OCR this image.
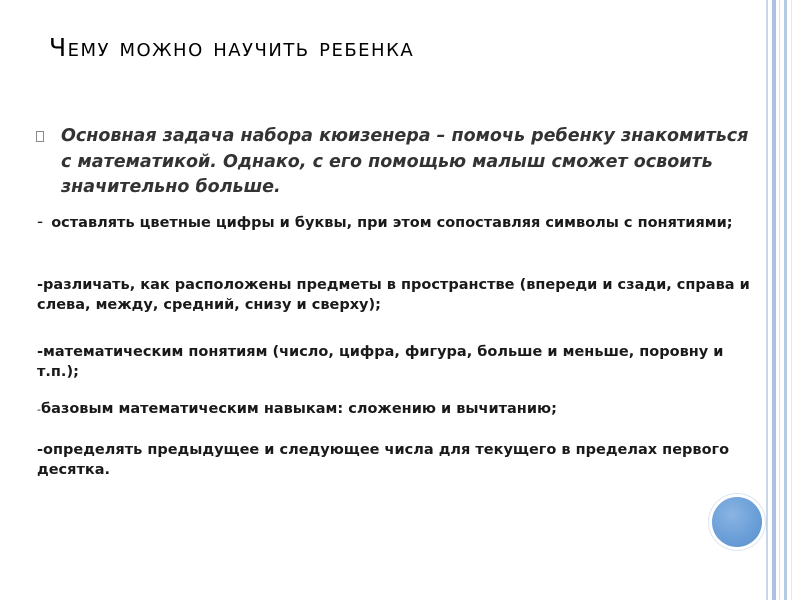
Чему можно научить ребенка

Основная задача набора кюизенера – помочь ребенку знакомиться с математикой. Однако, с его помощью малыш сможет освоить значительно больше.

- оставлять цветные цифры и буквы, при этом сопоставляя символы с понятиями;

-различать, как расположены предметы в пространстве (впереди и сзади, справа и слева, между, средний, снизу и сверху);

-математическим понятиям (число, цифра, фигура, больше и меньше, поровну и т.п.);

-базовым математическим навыкам: сложению и вычитанию;

-определять предыдущее и следующее числа для текущего в пределах первого десятка.
